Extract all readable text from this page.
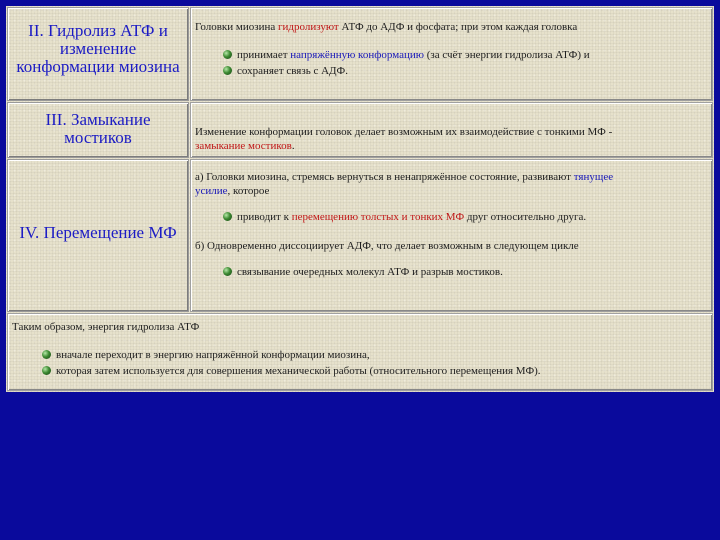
II. Гидролиз АТФ и
изменение
конформации миозина
Головки миозина гидролизуют АТФ до АДФ и фосфата; при этом каждая головка
принимает напряжённую конформацию (за счёт энергии гидролиза АТФ) и
сохраняет связь с АДФ.
III. Замыкание
мостиков	Изменение конформации головок делает возможным их взаимодействие с тонкими МФ -
замыкание мостиков.
IV. Перемещение МФ
а) Головки миозина, стремясь вернуться в ненапряжённое состояние, развивают тянущее
усилие, которое
приводит к перемещению толстых и тонких МФ друг относительно друга.
б) Одновременно диссоциирует АДФ, что делает возможным в следующем цикле
связывание очередных молекул АТФ и разрыв мостиков.
Таким образом, энергия гидролиза АТФ
вначале переходит в энергию напряжённой конформации миозина,
которая затем используется для совершения механической работы (относительного перемещения МФ).
